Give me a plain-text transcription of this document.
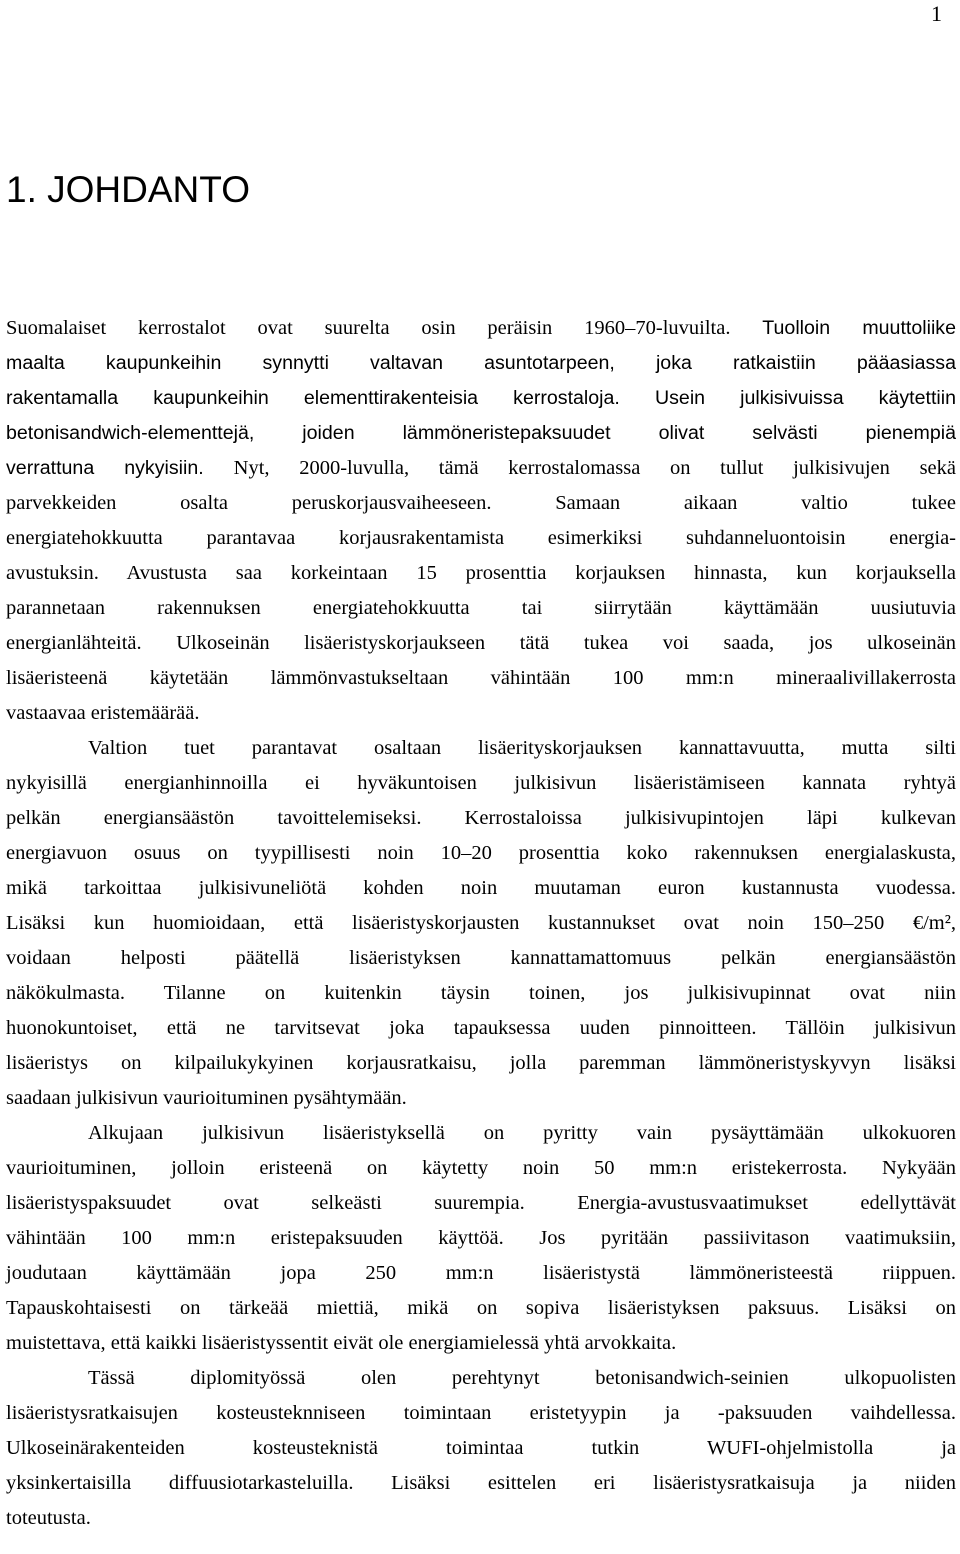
1
1. JOHDANTO

Suomalaiset kerrostalot ovat suurelta osin peräisin 1960–70-luvuilta. Tuolloin muuttoliike
maalta kaupunkeihin synnytti valtavan asuntotarpeen, joka ratkaistiin pääasiassa
rakentamalla kaupunkeihin elementtirakenteisia kerrostaloja. Usein julkisivuissa käytettiin
betonisandwich-elementtejä, joiden lämmöneristepaksuudet olivat selvästi pienempiä
verrattuna nykyisiin. Nyt, 2000-luvulla, tämä kerrostalomassa on tullut julkisivujen sekä
parvekkeiden osalta peruskorjausvaiheeseen. Samaan aikaan valtio tukee
energiatehokkuutta parantavaa korjausrakentamista esimerkiksi suhdanneluontoisin energia-
avustuksin. Avustusta saa korkeintaan 15 prosenttia korjauksen hinnasta, kun korjauksella
parannetaan rakennuksen energiatehokkuutta tai siirrytään käyttämään uusiutuvia
energianlähteitä. Ulkoseinän lisäeristyskorjaukseen tätä tukea voi saada, jos ulkoseinän
lisäeristeenä käytetään lämmönvastukseltaan vähintään 100 mm:n mineraalivillakerrosta
vastaavaa eristemäärää.

Valtion tuet parantavat osaltaan lisäerityskorjauksen kannattavuutta, mutta silti
nykyisillä energianhinnoilla ei hyväkuntoisen julkisivun lisäeristämiseen kannata ryhtyä
pelkän energiansäästön tavoittelemiseksi. Kerrostaloissa julkisivupintojen läpi kulkevan
energiavuon osuus on tyypillisesti noin 10–20 prosenttia koko rakennuksen energialaskusta,
mikä tarkoittaa julkisivuneliötä kohden noin muutaman euron kustannusta vuodessa.
Lisäksi kun huomioidaan, että lisäeristyskorjausten kustannukset ovat noin 150–250 €/m²,
voidaan helposti päätellä lisäeristyksen kannattamattomuus pelkän energiansäästön
näkökulmasta. Tilanne on kuitenkin täysin toinen, jos julkisivupinnat ovat niin
huonokuntoiset, että ne tarvitsevat joka tapauksessa uuden pinnoitteen. Tällöin julkisivun
lisäeristys on kilpailukykyinen korjausratkaisu, jolla paremman lämmöneristyskyvyn lisäksi
saadaan julkisivun vaurioituminen pysähtymään.

Alkujaan julkisivun lisäeristyksellä on pyritty vain pysäyttämään ulkokuoren
vaurioituminen, jolloin eristeenä on käytetty noin 50 mm:n eristekerrosta. Nykyään
lisäeristyspaksuudet ovat selkeästi suurempia. Energia-avustusvaatimukset edellyttävät
vähintään 100 mm:n eristepaksuuden käyttöä. Jos pyritään passiivitason vaatimuksiin,
joudutaan käyttämään jopa 250 mm:n lisäeristystä lämmöneristeestä riippuen.
Tapauskohtaisesti on tärkeää miettiä, mikä on sopiva lisäeristyksen paksuus. Lisäksi on
muistettava, että kaikki lisäeristyssentit eivät ole energiamielessä yhtä arvokkaita.

Tässä diplomityössä olen perehtynyt betonisandwich-seinien ulkopuolisten
lisäeristysratkaisujen kosteusteknniseen toimintaan eristetyypin ja -paksuuden vaihdellessa.
Ulkoseinärakenteiden kosteusteknistä toimintaa tutkin WUFI-ohjelmistolla ja
yksinkertaisilla diffuusiotarkasteluilla. Lisäksi esittelen eri lisäeristysratkaisuja ja niiden
toteutusta.
